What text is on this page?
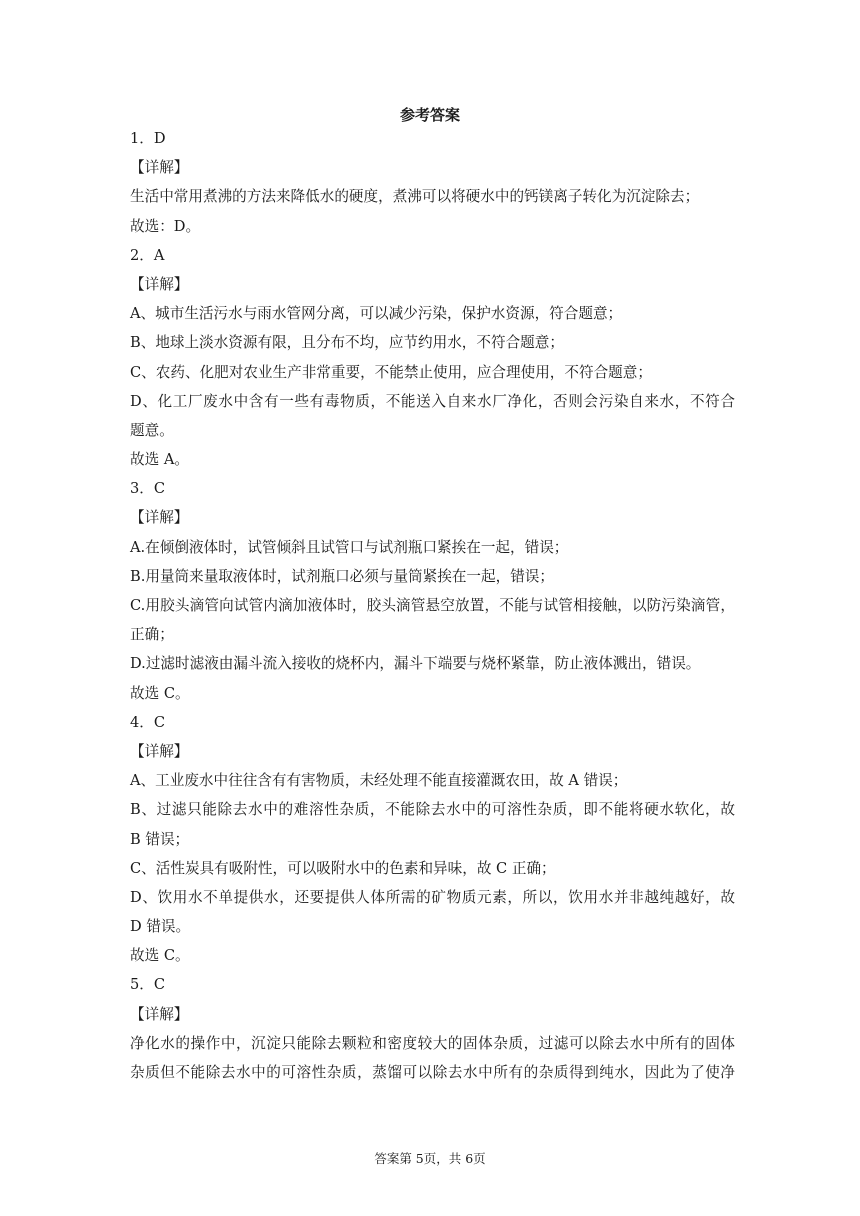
参考答案
1．D
【详解】
生活中常用煮沸的方法来降低水的硬度，煮沸可以将硬水中的钙镁离子转化为沉淀除去；
故选：D。
2．A
【详解】
A、城市生活污水与雨水管网分离，可以减少污染，保护水资源，符合题意；
B、地球上淡水资源有限，且分布不均，应节约用水，不符合题意；
C、农药、化肥对农业生产非常重要，不能禁止使用，应合理使用，不符合题意；
D、化工厂废水中含有一些有毒物质，不能送入自来水厂净化，否则会污染自来水，不符合
题意。
故选 A。
3．C
【详解】
A.在倾倒液体时，试管倾斜且试管口与试剂瓶口紧挨在一起，错误；
B.用量筒来量取液体时，试剂瓶口必须与量筒紧挨在一起，错误；
C.用胶头滴管向试管内滴加液体时，胶头滴管悬空放置，不能与试管相接触，以防污染滴管，
正确；
D.过滤时滤液由漏斗流入接收的烧杯内，漏斗下端要与烧杯紧靠，防止液体溅出，错误。
故选 C。
4．C
【详解】
A、工业废水中往往含有有害物质，未经处理不能直接灌溉农田，故 A 错误；
B、过滤只能除去水中的难溶性杂质，不能除去水中的可溶性杂质，即不能将硬水软化，故
B 错误；
C、活性炭具有吸附性，可以吸附水中的色素和异味，故 C 正确；
D、饮用水不单提供水，还要提供人体所需的矿物质元素，所以，饮用水并非越纯越好，故
D 错误。
故选 C。
5．C
【详解】
净化水的操作中，沉淀只能除去颗粒和密度较大的固体杂质，过滤可以除去水中所有的固体
杂质但不能除去水中的可溶性杂质，蒸馏可以除去水中所有的杂质得到纯水，因此为了使净
答案第 5页，共 6页
